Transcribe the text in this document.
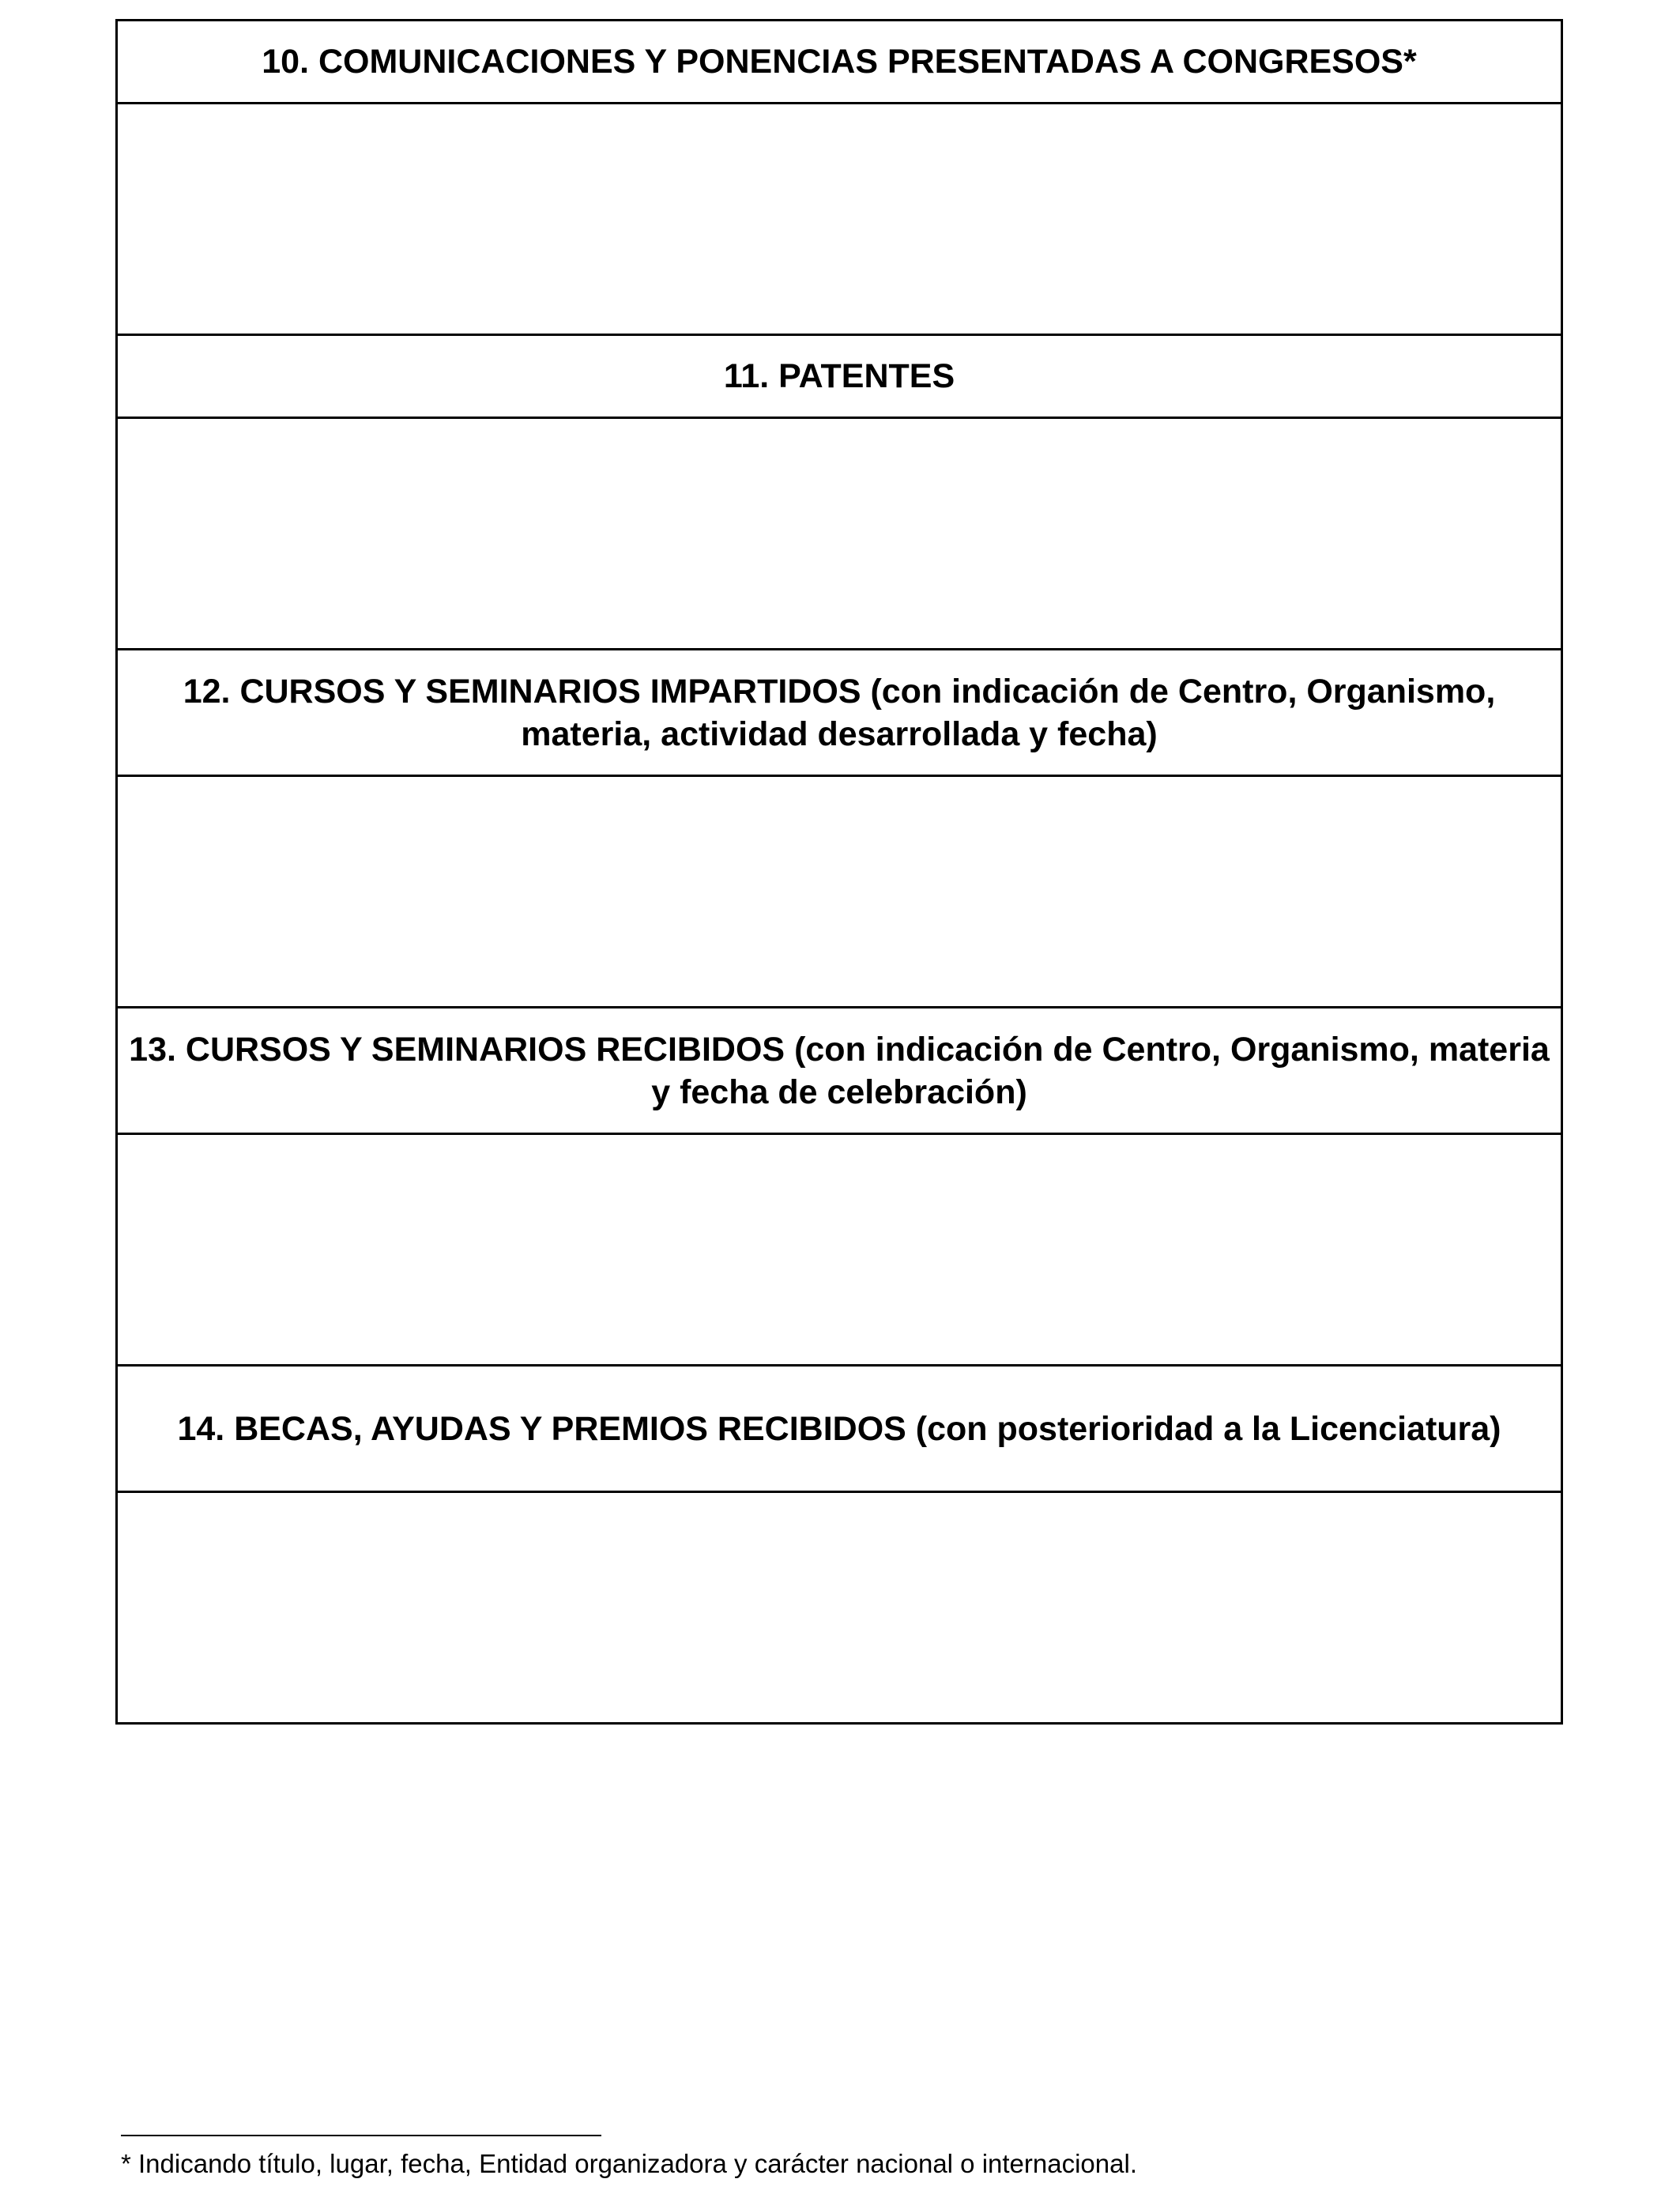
10. COMUNICACIONES Y PONENCIAS PRESENTADAS A CONGRESOS*

11. PATENTES

12. CURSOS Y SEMINARIOS IMPARTIDOS (con indicación de Centro, Organismo, materia, actividad desarrollada y fecha)

13. CURSOS Y SEMINARIOS RECIBIDOS (con indicación de Centro, Organismo, materia y fecha de celebración)

14. BECAS, AYUDAS Y PREMIOS RECIBIDOS (con posterioridad a la Licenciatura)

* Indicando título, lugar, fecha, Entidad organizadora y carácter nacional o internacional.
